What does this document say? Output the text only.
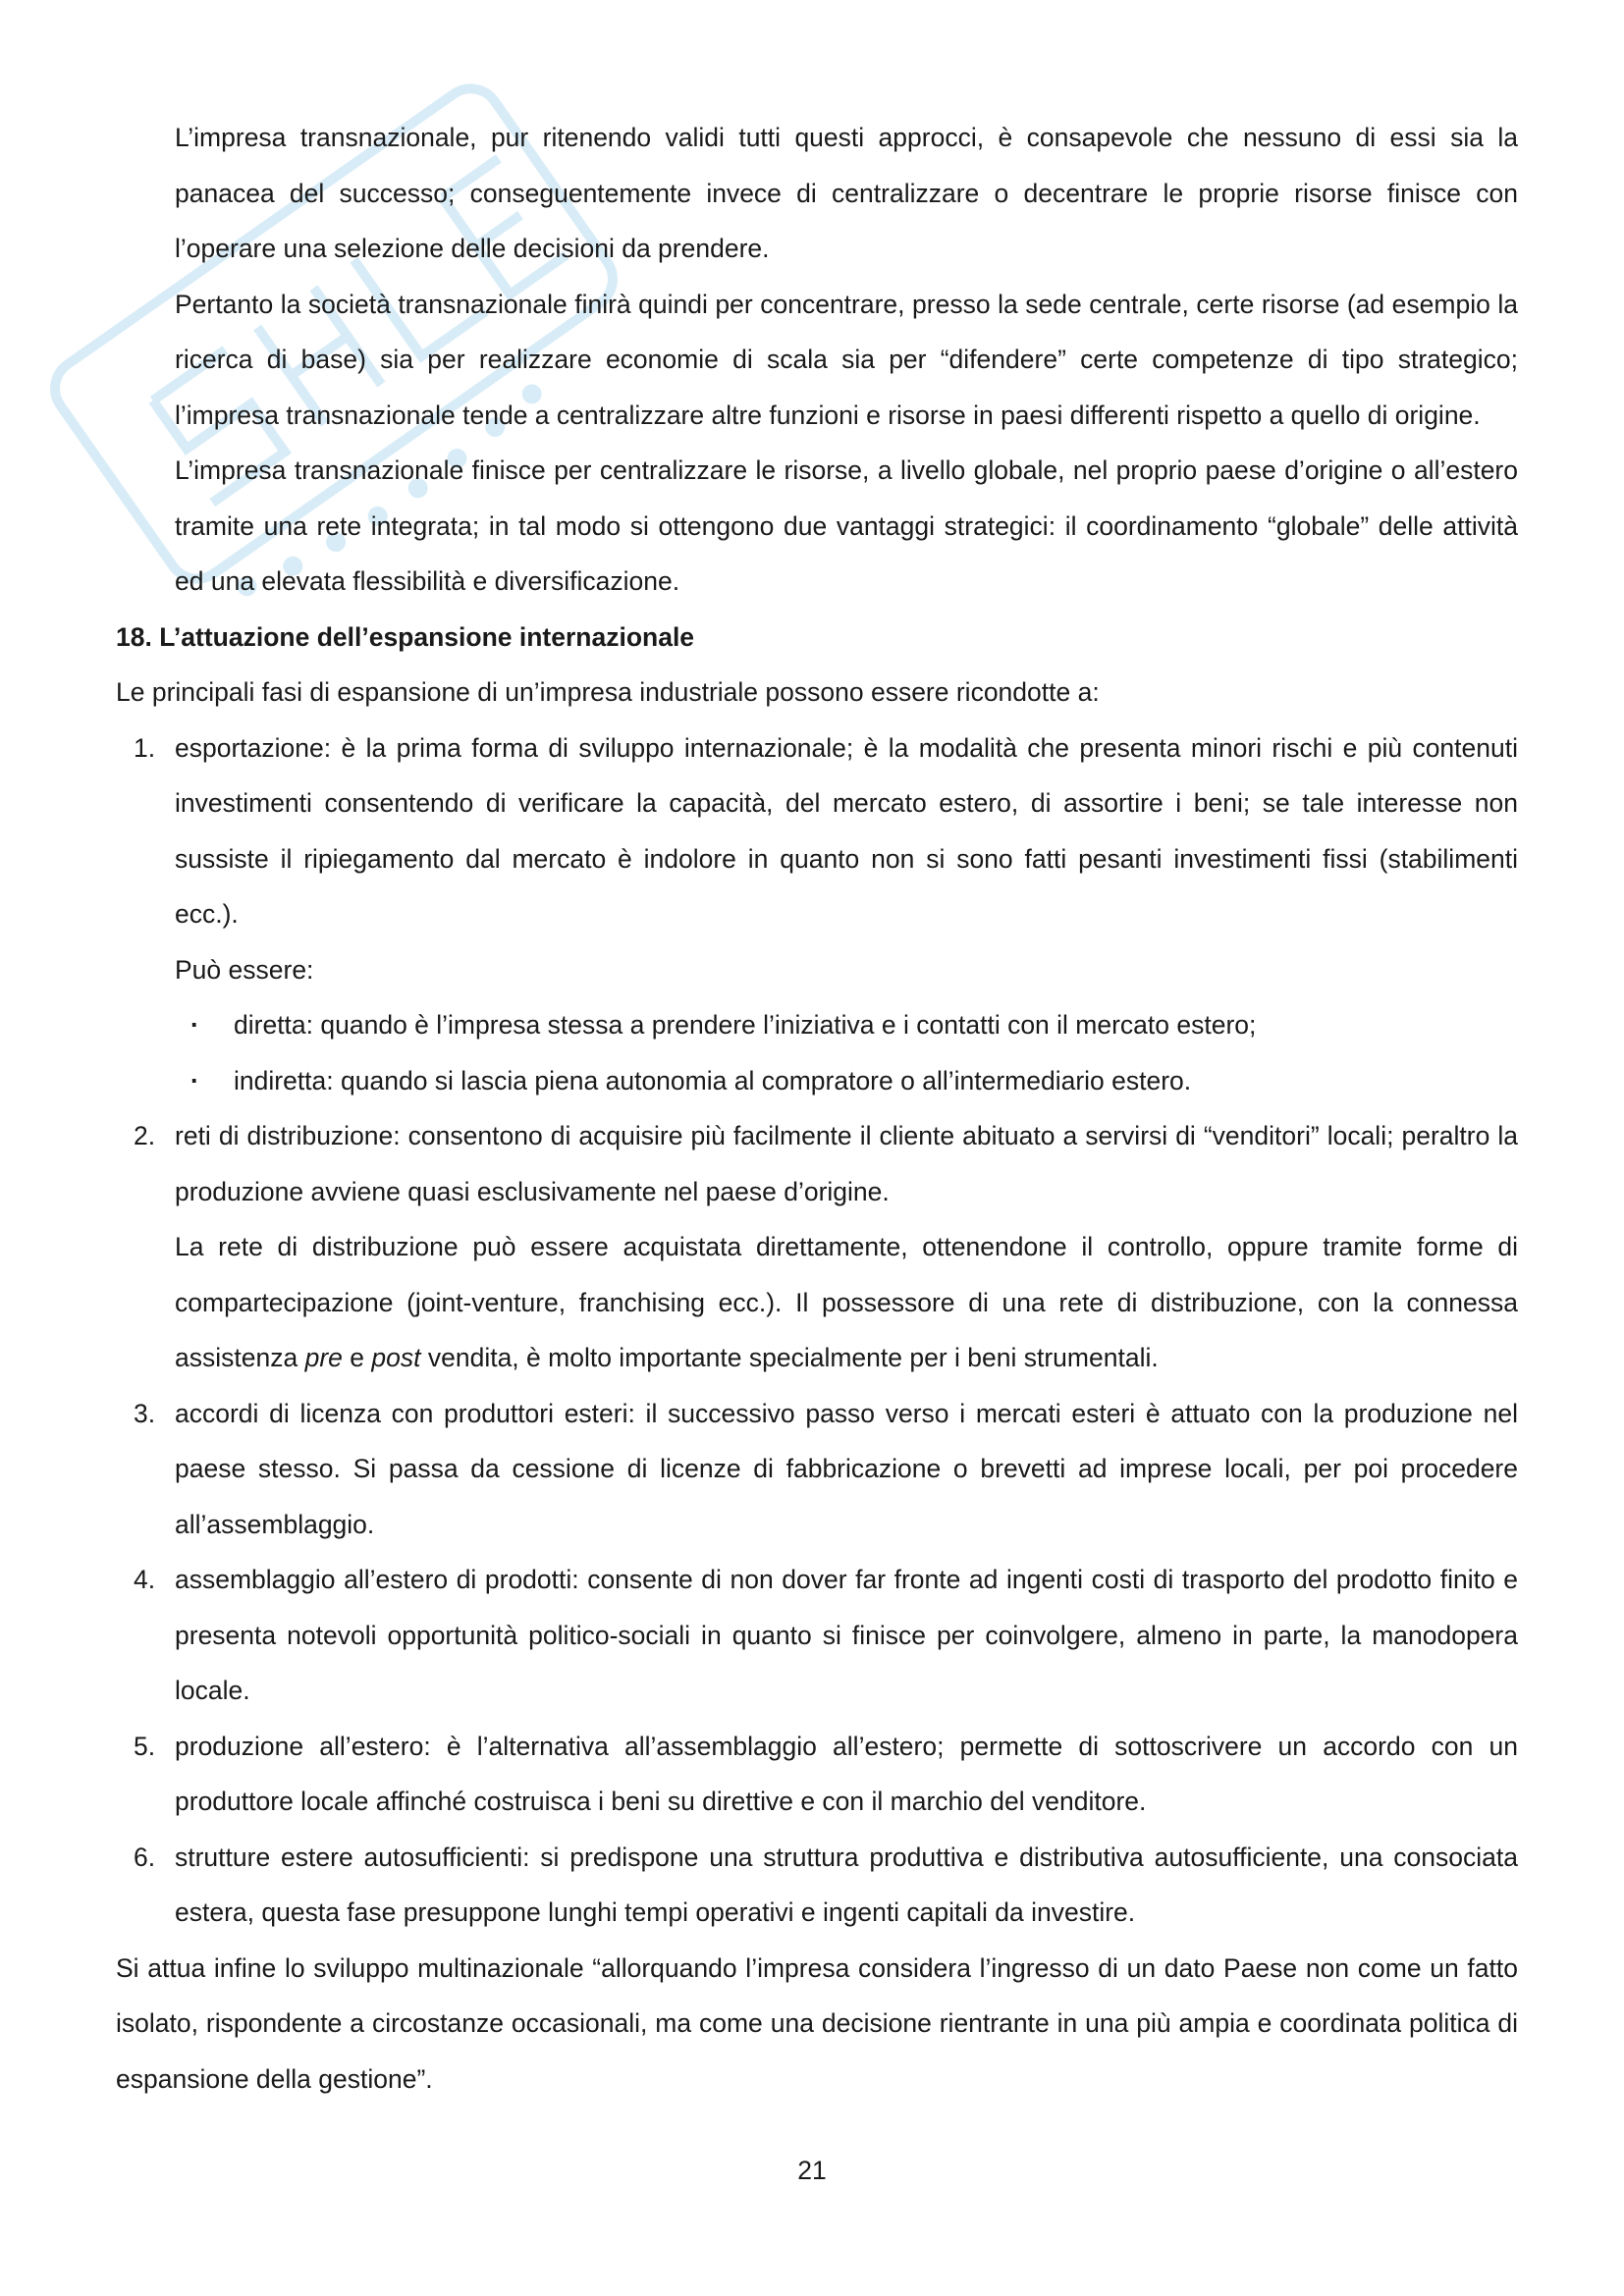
L’impresa transnazionale, pur ritenendo validi tutti questi approcci, è consapevole che nessuno di essi sia la panacea del successo; conseguentemente invece di centralizzare o decentrare le proprie risorse finisce con l’operare una selezione delle decisioni da prendere.

Pertanto la società transnazionale finirà quindi per concentrare, presso la sede centrale, certe risorse (ad esempio la ricerca di base) sia per realizzare economie di scala sia per “difendere” certe competenze di tipo strategico; l’impresa transnazionale tende a centralizzare altre funzioni e risorse in paesi differenti rispetto a quello di origine.

L’impresa transnazionale finisce per centralizzare le risorse, a livello globale, nel proprio paese d’origine o all’estero tramite una rete integrata; in tal modo si ottengono due vantaggi strategici: il coordinamento “globale” delle attività ed una elevata flessibilità e diversificazione.

18. L’attuazione dell’espansione internazionale

Le principali fasi di espansione di un’impresa industriale possono essere ricondotte a:

1. esportazione: è la prima forma di sviluppo internazionale; è la modalità che presenta minori rischi e più contenuti investimenti consentendo di verificare la capacità, del mercato estero, di assortire i beni; se tale interesse non sussiste il ripiegamento dal mercato è indolore in quanto non si sono fatti pesanti investimenti fissi (stabilimenti ecc.).

Può essere:

· diretta: quando è l’impresa stessa a prendere l’iniziativa e i contatti con il mercato estero;
· indiretta: quando si lascia piena autonomia al compratore o all’intermediario estero.
2. reti di distribuzione: consentono di acquisire più facilmente il cliente abituato a servirsi di “venditori” locali; peraltro la produzione avviene quasi esclusivamente nel paese d’origine.

La rete di distribuzione può essere acquistata direttamente, ottenendone il controllo, oppure tramite forme di compartecipazione (joint-venture, franchising ecc.). Il possessore di una rete di distribuzione, con la connessa assistenza pre e post vendita, è molto importante specialmente per i beni strumentali.

3. accordi di licenza con produttori esteri: il successivo passo verso i mercati esteri è attuato con la produzione nel paese stesso. Si passa da cessione di licenze di fabbricazione o brevetti ad imprese locali, per poi procedere all’assemblaggio.

4. assemblaggio all’estero di prodotti: consente di non dover far fronte ad ingenti costi di trasporto del prodotto finito e presenta notevoli opportunità politico-sociali in quanto si finisce per coinvolgere, almeno in parte, la manodopera locale.

5. produzione all’estero: è l’alternativa all’assemblaggio all’estero; permette di sottoscrivere un accordo con un produttore locale affinché costruisca i beni su direttive e con il marchio del venditore.

6. strutture estere autosufficienti: si predispone una struttura produttiva e distributiva autosufficiente, una consociata estera, questa fase presuppone lunghi tempi operativi e ingenti capitali da investire.

Si attua infine lo sviluppo multinazionale “allorquando l’impresa considera l’ingresso di un dato Paese non come un fatto isolato, rispondente a circostanze occasionali, ma come una decisione rientrante in una più ampia e coordinata politica di espansione della gestione”.

21
